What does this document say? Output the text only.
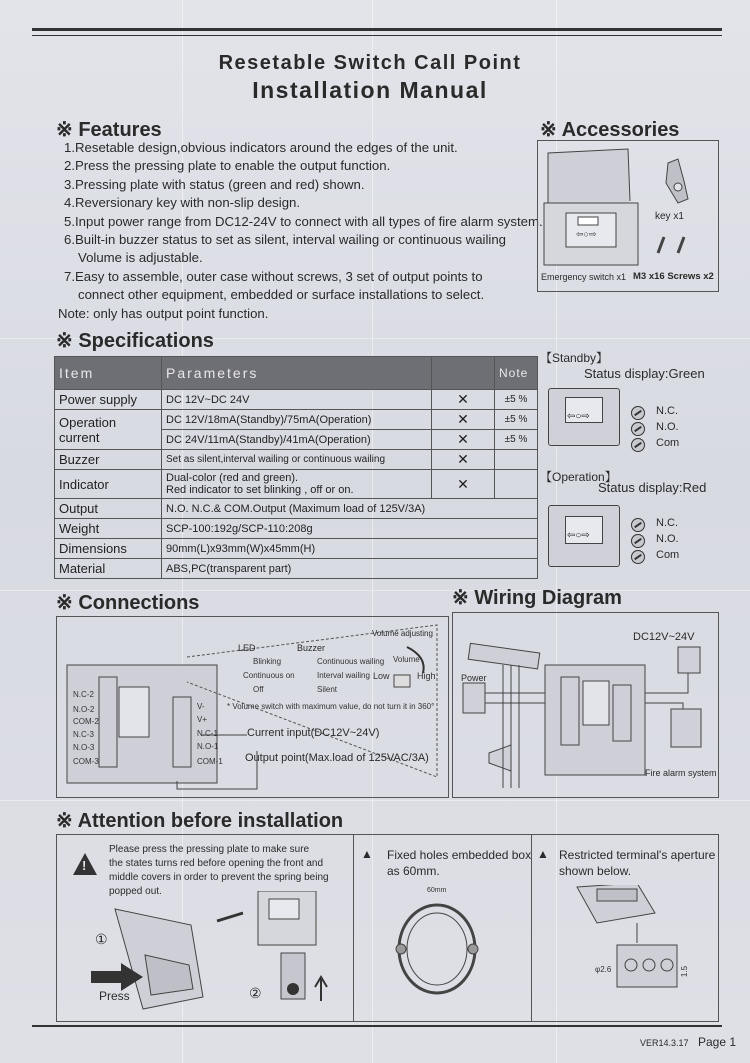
Resetable Switch Call Point
Installation Manual
※ Features
1.Resetable design,obvious indicators around the edges of the unit.
2.Press the pressing plate to enable the output function.
3.Pressing plate with status (green and red) shown.
4.Reversionary key with non-slip design.
5.Input power range from DC12-24V to connect with all types of fire alarm system.
6.Built-in buzzer status to set as silent, interval wailing or continuous wailing
Volume is adjustable.
7.Easy to assemble, outer case without screws, 3 set of output points to
connect other equipment, embedded or surface installations to select.
Note: only has output point function.
※ Accessories
⇦○⇨
key x1
Emergency switch x1 M3 x16 Screws x2
※ Specifications
Item	Parameters		Note
Power supply	DC 12V~DC 24V	✕	±5 %
Operation current	DC 12V/18mA(Standby)/75mA(Operation)	✕	±5 %
	DC 24V/11mA(Standby)/41mA(Operation)	✕	±5 %
Buzzer	Set as silent,interval wailing or continuous wailing	✕	
Indicator	Dual-color (red and green).
Red indicator to set blinking , off or on.	✕	
Output	N.O. N.C.& COM.Output (Maximum load of 125V/3A)		
Weight	SCP-100:192g/SCP-110:208g		
Dimensions	90mm(L)x93mm(W)x45mm(H)		
Material	ABS,PC(transparent part)		
【Standby】
Status display:Green
⇦○⇨	N.C.
N.O.
Com
【Operation】
Status display:Red
⇦○⇨
N.C.
N.O.
Com
※ Connections
N.C-2
N.O-2
COM-2
N.C-3
N.O-3
COM-3
V-
V+
N.C-1
N.O-1
COM-1
LED	Buzzer
Volume adjusting
Blinking
Continuous on
Off
Continuous wailing
Interval wailing
Silent
Volume
Low	High
* Volume switch with maximum value, do not turn it in 360°
Current input(DC12V~24V)
Output point(Max.load of 125VAC/3A)
※ Wiring Diagram
DC12V~24V
Power
Fire alarm system
※ Attention before installation
!
Please press the pressing plate to make sure
the states turns red before opening the front and
middle covers in order to prevent the spring being
popped out.
①
②
Press
▲ Fixed holes embedded box
as 60mm.
60mm
▲ Restricted terminal's aperture
shown below.
φ2.6	1.5
VER14.3.17 Page 1
